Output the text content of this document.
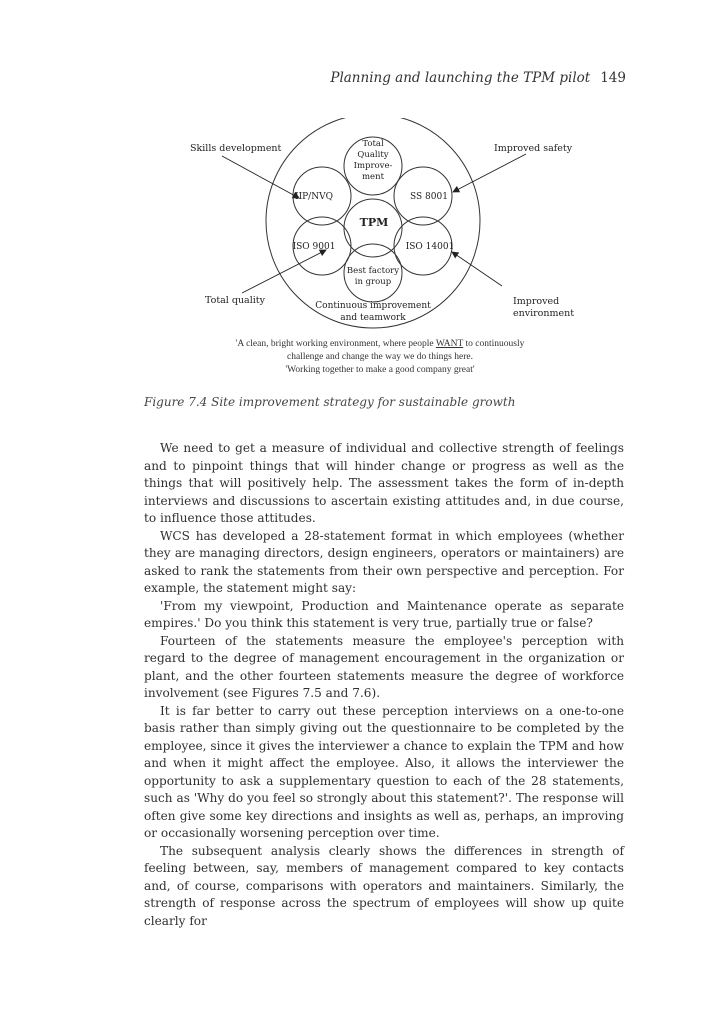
Planning and launching the TPM pilot 149
Skills development	Improved safety
Total quality	Improved
environment
Total
Quality
Improve-
ment
IIP/NVQ	SS 8001
TPM
ISO 9001	ISO 14001
Best factory
in group
Continuous improvement
and teamwork
'A clean, bright working environment, where people WANT to continuously
challenge and change the way we do things here.
'Working together to make a good company great'
Figure 7.4 Site improvement strategy for sustainable growth

We need to get a measure of individual and collective strength of feelings and to pinpoint things that will hinder change or progress as well as the things that will positively help. The assessment takes the form of in-depth interviews and discussions to ascertain existing attitudes and, in due course, to influence those attitudes.

WCS has developed a 28-statement format in which employees (whether they are managing directors, design engineers, operators or maintainers) are asked to rank the statements from their own perspective and perception. For example, the statement might say:

'From my viewpoint, Production and Maintenance operate as separate empires.' Do you think this statement is very true, partially true or false?

Fourteen of the statements measure the employee's perception with regard to the degree of management encouragement in the organization or plant, and the other fourteen statements measure the degree of workforce involvement (see Figures 7.5 and 7.6).

It is far better to carry out these perception interviews on a one-to-one basis rather than simply giving out the questionnaire to be completed by the employee, since it gives the interviewer a chance to explain the TPM and how and when it might affect the employee. Also, it allows the interviewer the opportunity to ask a supplementary question to each of the 28 statements, such as 'Why do you feel so strongly about this statement?'. The response will often give some key directions and insights as well as, perhaps, an improving or occasionally worsening perception over time.

The subsequent analysis clearly shows the differences in strength of feeling between, say, members of management compared to key contacts and, of course, comparisons with operators and maintainers. Similarly, the strength of response across the spectrum of employees will show up quite clearly for
